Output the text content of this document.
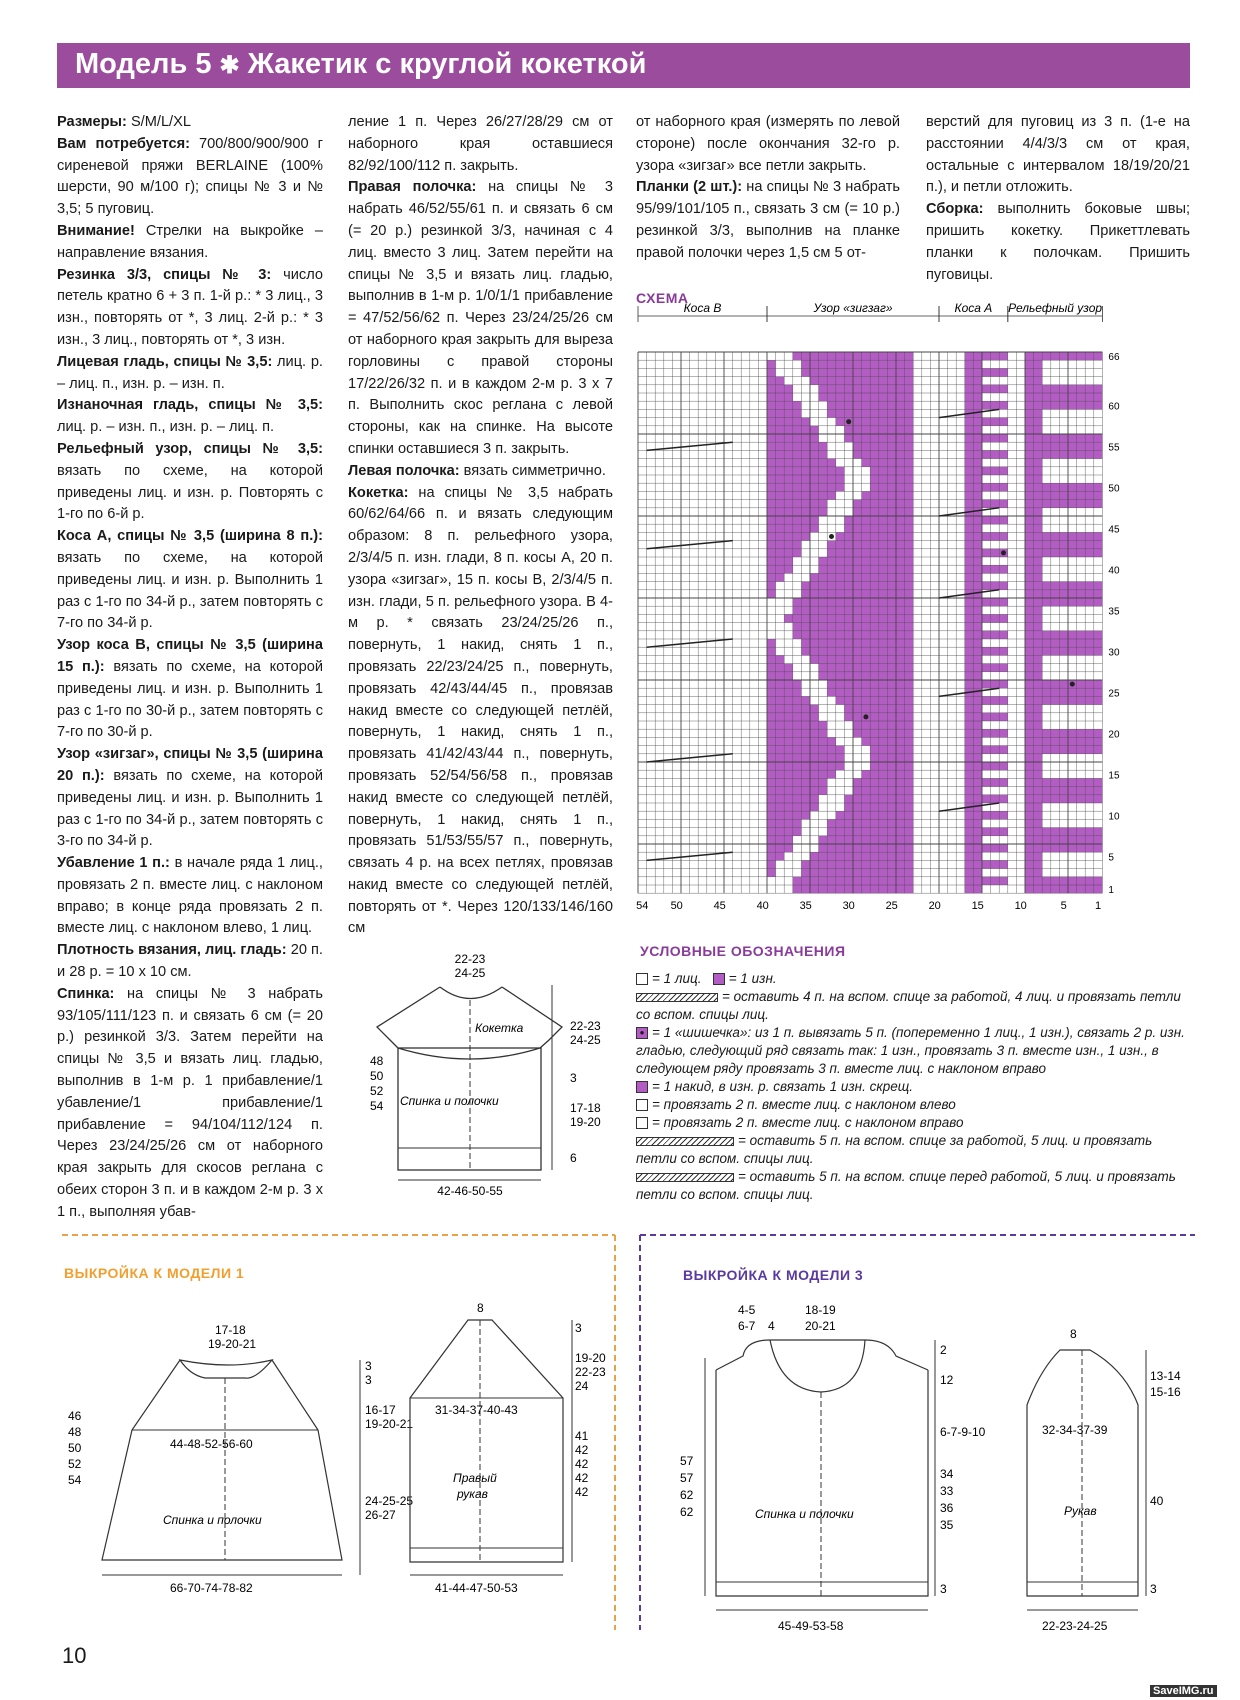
Модель 5 ✱ Жакетик с круглой кокеткой

Размеры: S/M/L/XL

Вам потребуется: 700/800/900/900 г сиреневой пряжи BERLAINE (100% шерсти, 90 м/100 г); спицы № 3 и № 3,5; 5 пуговиц.

Внимание! Стрелки на выкройке – направление вязания.

Резинка 3/3, спицы № 3: число петель кратно 6 + 3 п. 1-й р.: * 3 лиц., 3 изн., повторять от *, 3 лиц. 2-й р.: * 3 изн., 3 лиц., повторять от *, 3 изн.

Лицевая гладь, спицы № 3,5: лиц. р. – лиц. п., изн. р. – изн. п.

Изнаночная гладь, спицы № 3,5: лиц. р. – изн. п., изн. р. – лиц. п.

Рельефный узор, спицы № 3,5: вязать по схеме, на которой приведены лиц. и изн. р. Повторять с 1-го по 6-й р.

Коса А, спицы № 3,5 (ширина 8 п.): вязать по схеме, на которой приведены лиц. и изн. р. Выполнить 1 раз с 1-го по 34-й р., затем повторять с 7-го по 34-й р.

Узор коса В, спицы № 3,5 (ширина 15 п.): вязать по схеме, на которой приведены лиц. и изн. р. Выполнить 1 раз с 1-го по 30-й р., затем повторять с 7-го по 30-й р.

Узор «зигзаг», спицы № 3,5 (ширина 20 п.): вязать по схеме, на которой приведены лиц. и изн. р. Выполнить 1 раз с 1-го по 34-й р., затем повторять с 3-го по 34-й р.

Убавление 1 п.: в начале ряда 1 лиц., провязать 2 п. вместе лиц. с наклоном вправо; в конце ряда провязать 2 п. вместе лиц. с наклоном влево, 1 лиц.

Плотность вязания, лиц. гладь: 20 п. и 28 р. = 10 х 10 см.

Спинка: на спицы № 3 набрать 93/105/111/123 п. и связать 6 см (= 20 р.) резинкой 3/3. Затем перейти на спицы № 3,5 и вязать лиц. гладью, выполнив в 1-м р. 1 прибавление/1 убавление/1 прибавление/1 прибавление = 94/104/112/124 п. Через 23/24/25/26 см от наборного края закрыть для скосов реглана с обеих сторон 3 п. и в каждом 2-м р. 3 х 1 п., выполняя убав-

ление 1 п. Через 26/27/28/29 см от наборного края оставшиеся 82/92/100/112 п. закрыть.

Правая полочка: на спицы № 3 набрать 46/52/55/61 п. и связать 6 см (= 20 р.) резинкой 3/3, начиная с 4 лиц. вместо 3 лиц. Затем перейти на спицы № 3,5 и вязать лиц. гладью, выполнив в 1-м р. 1/0/1/1 прибавление = 47/52/56/62 п. Через 23/24/25/26 см от наборного края закрыть для выреза горловины с правой стороны 17/22/26/32 п. и в каждом 2-м р. 3 х 7 п. Выполнить скос реглана с левой стороны, как на спинке. На высоте спинки оставшиеся 3 п. закрыть.

Левая полочка: вязать симметрично.

Кокетка: на спицы № 3,5 набрать 60/62/64/66 п. и вязать следующим образом: 8 п. рельефного узора, 2/3/4/5 п. изн. глади, 8 п. косы А, 20 п. узора «зигзаг», 15 п. косы В, 2/3/4/5 п. изн. глади, 5 п. рельефного узора. В 4-м р. * связать 23/24/25/26 п., повернуть, 1 накид, снять 1 п., провязать 22/23/24/25 п., повернуть, провязать 42/43/44/45 п., провязав накид вместе со следующей петлёй, повернуть, 1 накид, снять 1 п., провязать 41/42/43/44 п., повернуть, провязать 52/54/56/58 п., провязав накид вместе со следующей петлёй, повернуть, 1 накид, снять 1 п., провязать 51/53/55/57 п., повернуть, связать 4 р. на всех петлях, провязав накид вместе со следующей петлёй, повторять от *. Через 120/133/146/160 см

от наборного края (измерять по левой стороне) после окончания 32-го р. узора «зигзаг» все петли закрыть.

Планки (2 шт.): на спицы № 3 набрать 95/99/101/105 п., связать 3 см (= 10 р.) резинкой 3/3, выполнив на планке правой полочки через 1,5 см 5 от-

верстий для пуговиц из 3 п. (1-е на расстоянии 4/4/3/3 см от края, остальные с интервалом 18/19/20/21 п.), и петли отложить.

Сборка: выполнить боковые швы; пришить кокетку. Прикеттлевать планки к полочкам. Пришить пуговицы.

СХЕМА
Коса В	Узор «зигзаг»	Коса А Рельефный узор
54 50	45	40	35	30	25	20	15	10	5	1
66
60
55
50
45
40
35
30
25
20
15
10
5
1
УСЛОВНЫЕ ОБОЗНАЧЕНИЯ
= 1 лиц. = 1 изн.
= оставить 4 п. на вспом. спице за работой, 4 лиц. и провязать петли со вспом. спицы лиц.
● = 1 «шишечка»: из 1 п. вывязать 5 п. (попеременно 1 лиц., 1 изн.), связать 2 р. изн. гладью, следующий ряд связать так: 1 изн., провязать 3 п. вместе изн., 1 изн., в следующем ряду провязать 3 п. вместе лиц. с наклоном вправо
= 1 накид, в изн. р. связать 1 изн. скрещ.
= провязать 2 п. вместе лиц. с наклоном влево
= провязать 2 п. вместе лиц. с наклоном вправо
= оставить 5 п. на вспом. спице за работой, 5 лиц. и провязать петли со вспом. спицы лиц.
= оставить 5 п. на вспом. спице перед работой, 5 лиц. и провязать петли со вспом. спицы лиц.
22-23
24-25
Кокетка
Спинка и полочки
48
50
52
54
22-23
24-25
3
17-18
19-20
6
42-46-50-55
ВЫКРОЙКА К МОДЕЛИ 1
17-18
19-20-21
3
3
16-17
19-20-21
24-25-25
26-27
46
48
50
52
54
44-48-52-56-60
Спинка и полочки
66-70-74-78-82
8
31-34-37-40-43
Правый
рукав
3
19-20
22-23
24
41
42
42
42
42
41-44-47-50-53
ВЫКРОЙКА К МОДЕЛИ 3
4-5
6-7 4
18-19
20-21
Спинка и полочки
57
57
62
62
2
12
6-7-9-10
34
33
36
35
3
45-49-53-58
8
32-34-37-39
Рукав
13-14
15-16
40
3
22-23-24-25
10
SaveIMG.ru
